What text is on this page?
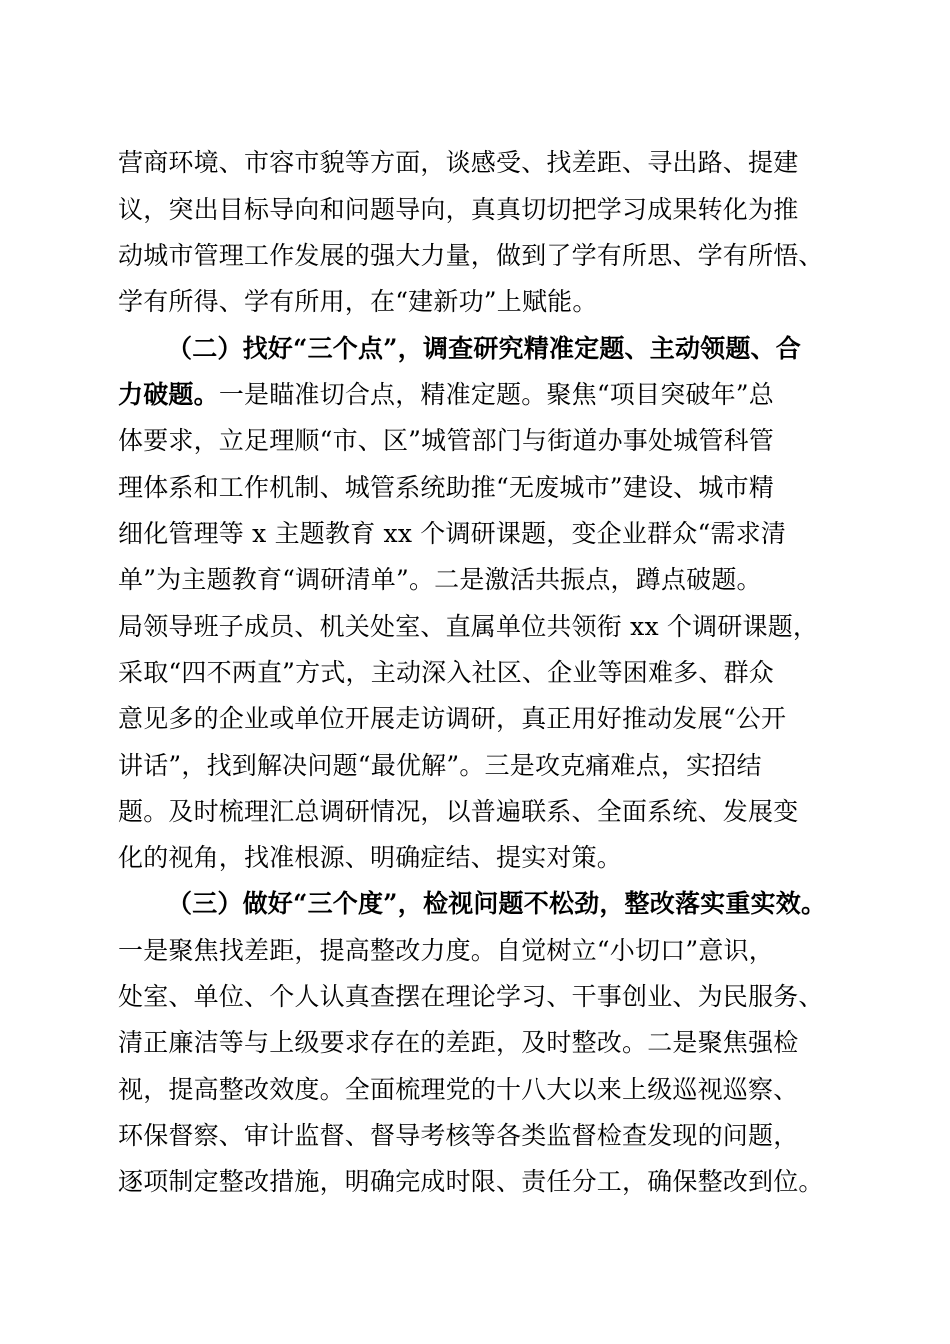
营商环境、市容市貌等方面，谈感受、找差距、寻出路、提建
议，突出目标导向和问题导向，真真切切把学习成果转化为推
动城市管理工作发展的强大力量，做到了学有所思、学有所悟、
学有所得、学有所用，在“建新功”上赋能。
（二）找好“三个点”，调查研究精准定题、主动领题、合
力破题。一是瞄准切合点，精准定题。聚焦“项目突破年”总
体要求，立足理顺“市、区”城管部门与街道办事处城管科管
理体系和工作机制、城管系统助推“无废城市”建设、城市精
细化管理等 x 主题教育 xx 个调研课题，变企业群众“需求清
单”为主题教育“调研清单”。二是激活共振点，蹲点破题。
局领导班子成员、机关处室、直属单位共领衔 xx 个调研课题，
采取“四不两直”方式，主动深入社区、企业等困难多、群众
意见多的企业或单位开展走访调研，真正用好推动发展“公开
讲话”，找到解决问题“最优解”。三是攻克痛难点，实招结
题。及时梳理汇总调研情况，以普遍联系、全面系统、发展变
化的视角，找准根源、明确症结、提实对策。
（三）做好“三个度”，检视问题不松劲，整改落实重实效。
一是聚焦找差距，提高整改力度。自觉树立“小切口”意识，
处室、单位、个人认真查摆在理论学习、干事创业、为民服务、
清正廉洁等与上级要求存在的差距，及时整改。二是聚焦强检
视，提高整改效度。全面梳理党的十八大以来上级巡视巡察、
环保督察、审计监督、督导考核等各类监督检查发现的问题，
逐项制定整改措施，明确完成时限、责任分工，确保整改到位。
